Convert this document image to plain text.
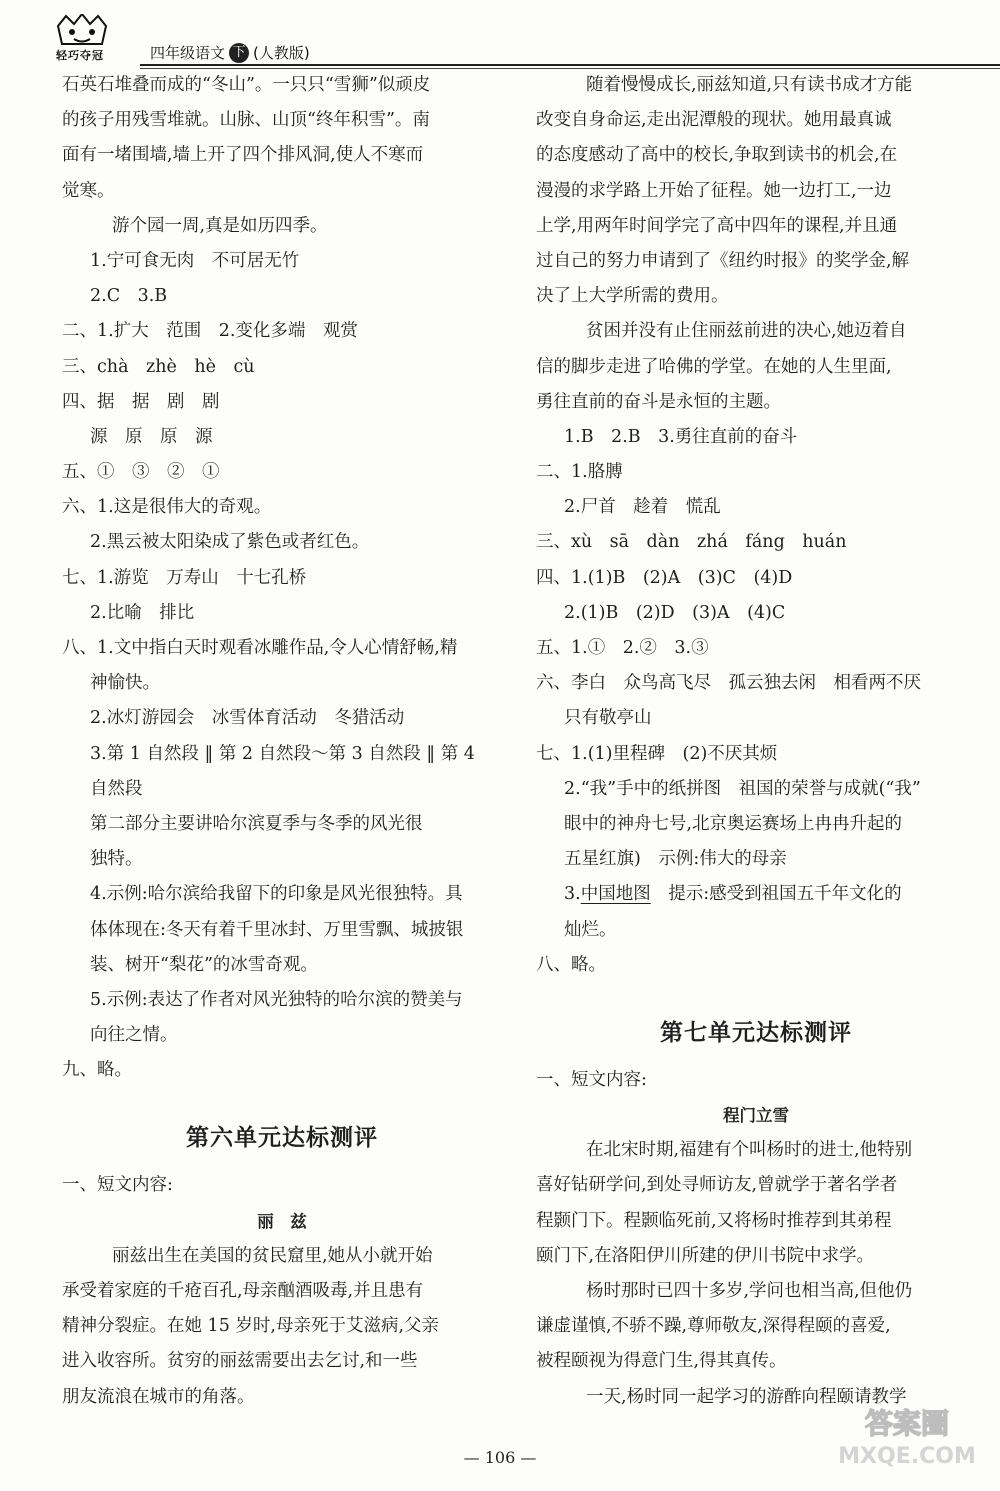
轻巧夺冠	四年级语文 下 (人教版)
石英石堆叠而成的“冬山”。一只只“雪狮”似顽皮
的孩子用残雪堆就。山脉、山顶“终年积雪”。南
面有一堵围墙,墙上开了四个排风洞,使人不寒而
觉寒。
游个园一周,真是如历四季。
1.宁可食无肉　不可居无竹
2.C　3.B
二、1.扩大　范围　2.变化多端　观赏
三、chà　zhè　hè　cù
四、据　据　剧　剧
源　原　原　源
五、①　③　②　①
六、1.这是很伟大的奇观。
2.黑云被太阳染成了紫色或者红色。
七、1.游览　万寿山　十七孔桥
2.比喻　排比
八、1.文中指白天时观看冰雕作品,令人心情舒畅,精
神愉快。
2.冰灯游园会　冰雪体育活动　冬猎活动
3.第 1 自然段 ‖ 第 2 自然段～第 3 自然段 ‖ 第 4
自然段
第二部分主要讲哈尔滨夏季与冬季的风光很
独特。
4.示例:哈尔滨给我留下的印象是风光很独特。具
体体现在:冬天有着千里冰封、万里雪飘、城披银
装、树开“梨花”的冰雪奇观。
5.示例:表达了作者对风光独特的哈尔滨的赞美与
向往之情。
九、略。
第六单元达标测评
一、短文内容:
丽　兹
丽兹出生在美国的贫民窟里,她从小就开始
承受着家庭的千疮百孔,母亲酗酒吸毒,并且患有
精神分裂症。在她 15 岁时,母亲死于艾滋病,父亲
进入收容所。贫穷的丽兹需要出去乞讨,和一些
朋友流浪在城市的角落。
随着慢慢成长,丽兹知道,只有读书成才方能
改变自身命运,走出泥潭般的现状。她用最真诚
的态度感动了高中的校长,争取到读书的机会,在
漫漫的求学路上开始了征程。她一边打工,一边
上学,用两年时间学完了高中四年的课程,并且通
过自己的努力申请到了《纽约时报》的奖学金,解
决了上大学所需的费用。
贫困并没有止住丽兹前进的决心,她迈着自
信的脚步走进了哈佛的学堂。在她的人生里面,
勇往直前的奋斗是永恒的主题。
1.B　2.B　3.勇往直前的奋斗
二、1.胳膊
2.尸首　趁着　慌乱
三、xù　sā　dàn　zhá　fáng　huán
四、1.(1)B　(2)A　(3)C　(4)D
2.(1)B　(2)D　(3)A　(4)C
五、1.①　2.②　3.③
六、李白　众鸟高飞尽　孤云独去闲　相看两不厌
只有敬亭山
七、1.(1)里程碑　(2)不厌其烦
2.“我”手中的纸拼图　祖国的荣誉与成就(“我”
眼中的神舟七号,北京奥运赛场上冉冉升起的
五星红旗)　示例:伟大的母亲
3.中国地图　提示:感受到祖国五千年文化的
灿烂。
八、略。
第七单元达标测评
一、短文内容:
程门立雪
在北宋时期,福建有个叫杨时的进士,他特别
喜好钻研学问,到处寻师访友,曾就学于著名学者
程颢门下。程颢临死前,又将杨时推荐到其弟程
颐门下,在洛阳伊川所建的伊川书院中求学。
杨时那时已四十多岁,学问也相当高,但他仍
谦虚谨慎,不骄不躁,尊师敬友,深得程颐的喜爱,
被程颐视为得意门生,得其真传。
一天,杨时同一起学习的游酢向程颐请教学
— 106 —
答案圈
MXQE.COM
